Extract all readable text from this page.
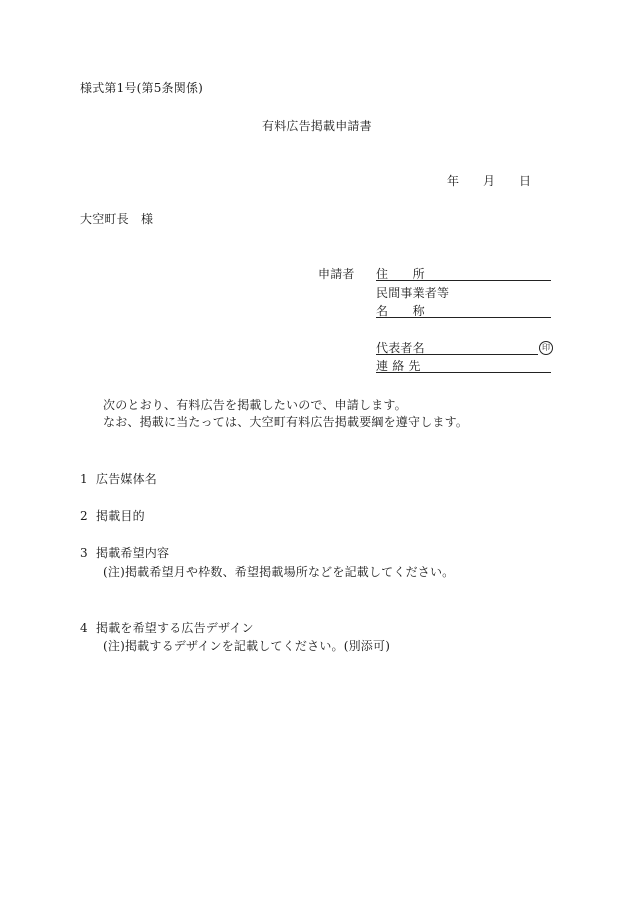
様式第1号(第5条関係)
有料広告掲載申請書
年 月 日
大空町長　様
申請者 住　　所
民間事業者等
名　　称
代表者名	印
連 絡 先
次のとおり、有料広告を掲載したいので、申請します。
なお、掲載に当たっては、大空町有料広告掲載要綱を遵守します。
1 広告媒体名
2 掲載目的
3 掲載希望内容
(注)掲載希望月や枠数、希望掲載場所などを記載してください。
4 掲載を希望する広告デザイン
(注)掲載するデザインを記載してください。(別添可)
